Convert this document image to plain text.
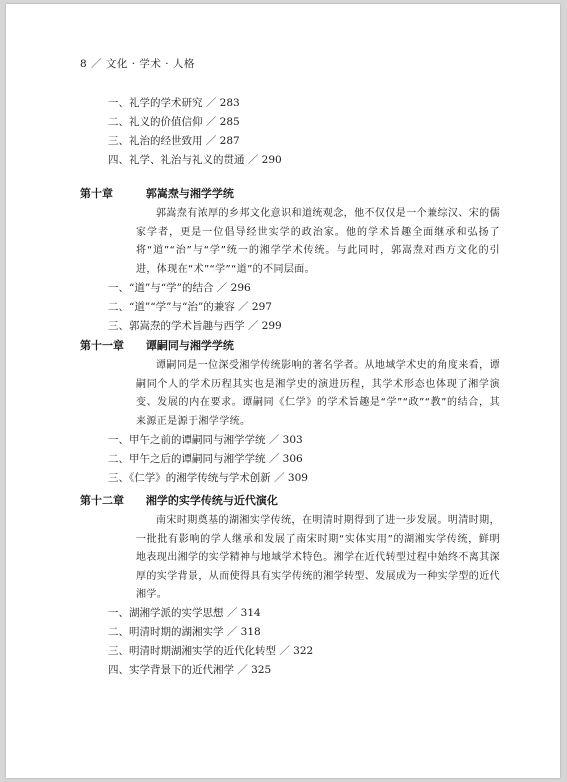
8 ／ 文化 · 学术 · 人格
一、礼学的学术研究 ／ 283
二、礼义的价值信仰 ／ 285
三、礼治的经世致用 ／ 287
四、礼学、礼治与礼义的贯通 ／ 290
第十章	郭嵩焘与湘学学统
郭嵩焘有浓厚的乡邦文化意识和道统观念，他不仅仅是一个兼综汉、宋的儒家学者，更是一位倡导经世实学的政治家。他的学术旨趣全面继承和弘扬了将“道”“治”与“学”统一的湘学学术传统。与此同时，郭嵩焘对西方文化的引进，体现在“术”“学”“道”的不同层面。
一、“道”与“学”的结合 ／ 296
二、“道”“学”与“治”的兼容 ／ 297
三、郭嵩焘的学术旨趣与西学 ／ 299
第十一章 谭嗣同与湘学学统
谭嗣同是一位深受湘学传统影响的著名学者。从地域学术史的角度来看，谭嗣同个人的学术历程其实也是湘学史的演进历程，其学术形态也体现了湘学演变、发展的内在要求。谭嗣同《仁学》的学术旨趣是“学”“政”“教”的结合，其来源正是源于湘学学统。
一、甲午之前的谭嗣同与湘学学统 ／ 303
二、甲午之后的谭嗣同与湘学学统 ／ 306
三、《仁学》的湘学传统与学术创新 ／ 309
第十二章 湘学的实学传统与近代演化
南宋时期奠基的湖湘实学传统，在明清时期得到了进一步发展。明清时期，一批批有影响的学人继承和发展了南宋时期“实体实用”的湖湘实学传统，鲜明地表现出湘学的实学精神与地域学术特色。湘学在近代转型过程中始终不离其深厚的实学背景，从而使得具有实学传统的湘学转型、发展成为一种实学型的近代湘学。
一、湖湘学派的实学思想 ／ 314
二、明清时期的湖湘实学 ／ 318
三、明清时期湖湘实学的近代化转型 ／ 322
四、实学背景下的近代湘学 ／ 325
